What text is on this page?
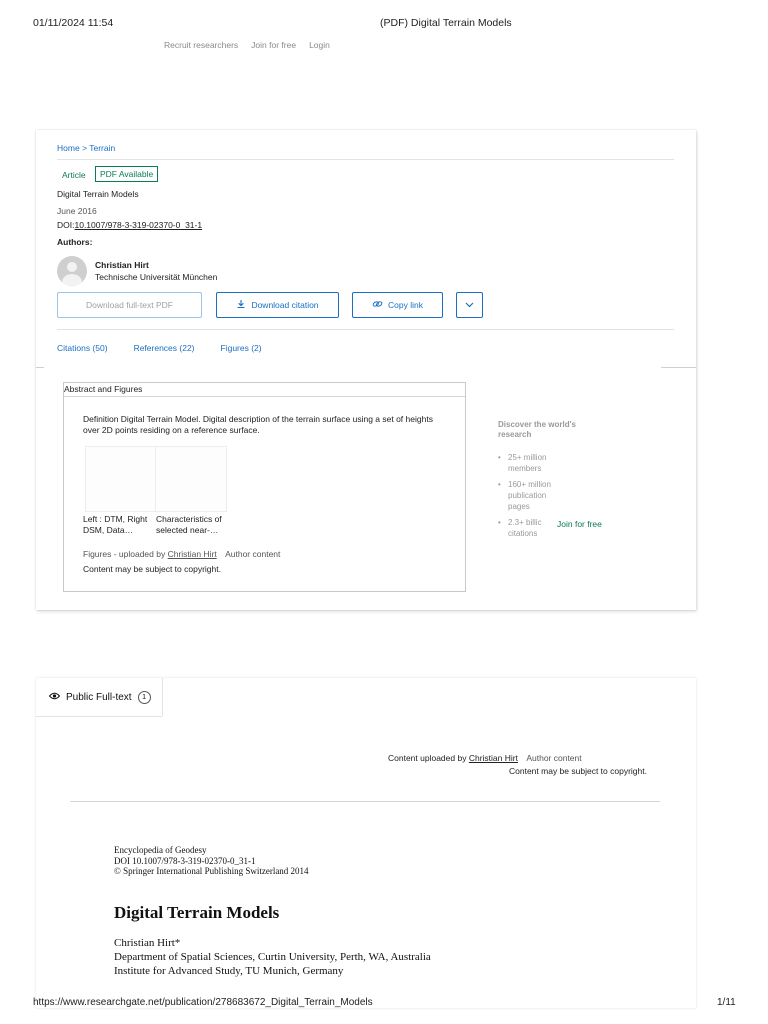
01/11/2024 11:54	(PDF) Digital Terrain Models
Recruit researchers Join for free Login
Home > Terrain
Article	PDF Available
Digital Terrain Models
June 2016
DOI:10.1007/978-3-319-02370-0_31-1
Authors:
Christian Hirt
Technische Universität München
Download full-text PDF	Download citation	Copy link
Citations (50)	References (22)	Figures (2)
Abstract and Figures
Definition Digital Terrain Model. Digital description of the terrain surface using a set of heights over 2D points residing on a reference surface.
Left : DTM, Right DSM, Data…
Characteristics of selected near-…
Figures - uploaded by Christian Hirt Author content
Content may be subject to copyright.
Discover the world's research
• 25+ million members
• 160+ million publication pages
• 2.3+ billic citations
Join for free
Public Full-text	1
Content uploaded by Christian Hirt Author content
Content may be subject to copyright.
Encyclopedia of Geodesy
DOI 10.1007/978-3-319-02370-0_31-1
© Springer International Publishing Switzerland 2014
Digital Terrain Models
Christian Hirt*
Department of Spatial Sciences, Curtin University, Perth, WA, Australia
Institute for Advanced Study, TU Munich, Germany
https://www.researchgate.net/publication/278683672_Digital_Terrain_Models	1/11
